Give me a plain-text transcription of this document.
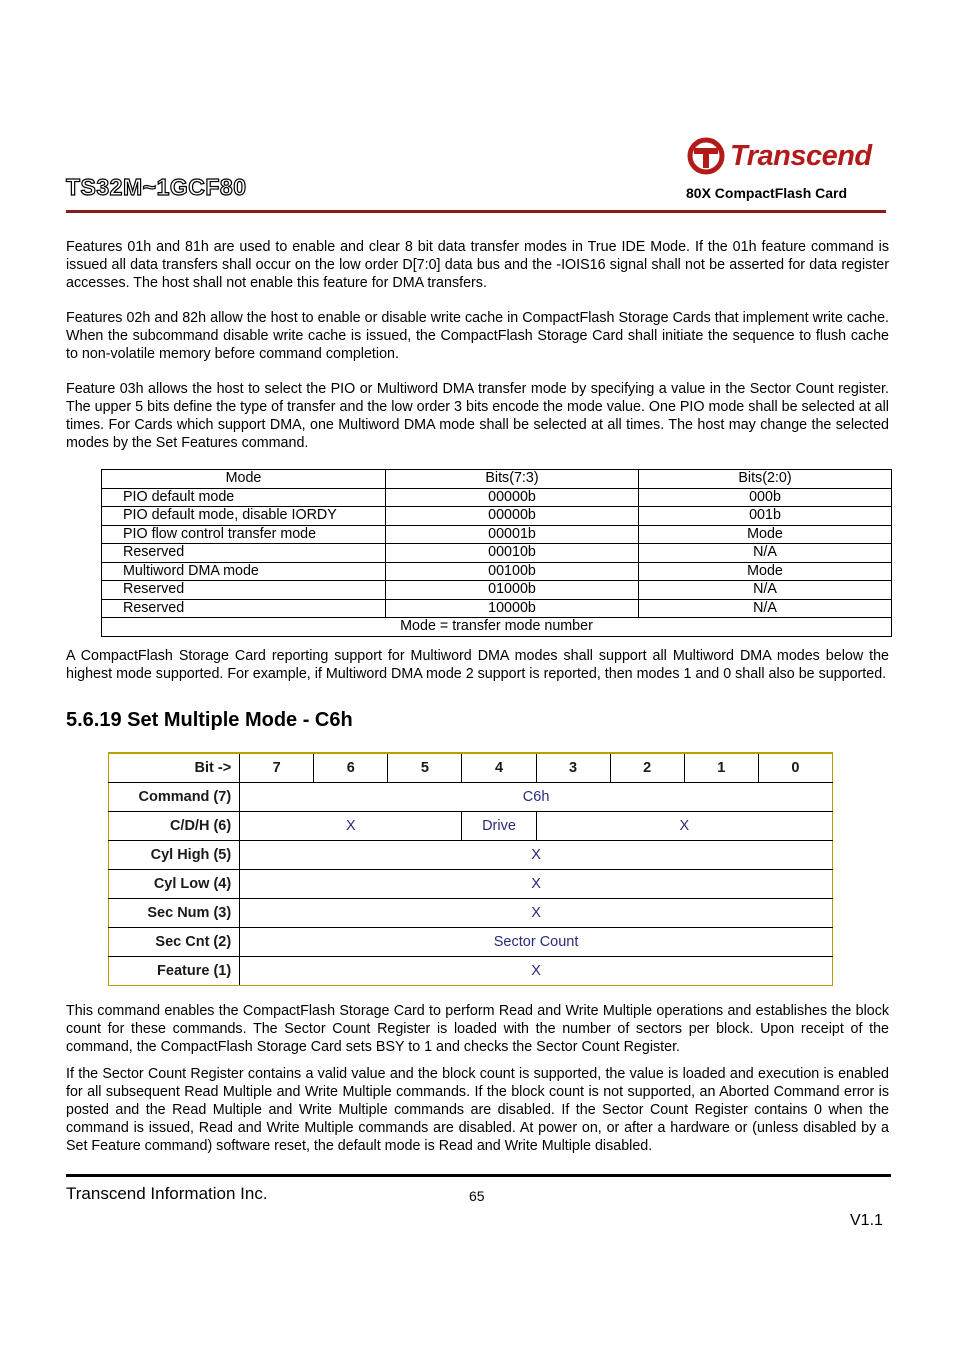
Transcend
TS32M~1GCF80	80X CompactFlash Card

Features 01h and 81h are used to enable and clear 8 bit data transfer modes in True IDE Mode. If the 01h feature command is issued all data transfers shall occur on the low order D[7:0] data bus and the -IOIS16 signal shall not be asserted for data register accesses. The host shall not enable this feature for DMA transfers.

Features 02h and 82h allow the host to enable or disable write cache in CompactFlash Storage Cards that implement write cache. When the subcommand disable write cache is issued, the CompactFlash Storage Card shall initiate the sequence to flush cache to non-volatile memory before command completion.

Feature 03h allows the host to select the PIO or Multiword DMA transfer mode by specifying a value in the Sector Count register. The upper 5 bits define the type of transfer and the low order 3 bits encode the mode value. One PIO mode shall be selected at all times. For Cards which support DMA, one Multiword DMA mode shall be selected at all times. The host may change the selected modes by the Set Features command.

Mode	Bits(7:3)	Bits(2:0)
PIO default mode	00000b	000b
PIO default mode, disable IORDY	00000b	001b
PIO flow control transfer mode	00001b	Mode
Reserved	00010b	N/A
Multiword DMA mode	00100b	Mode
Reserved	01000b	N/A
Reserved	10000b	N/A
Mode = transfer mode number		

A CompactFlash Storage Card reporting support for Multiword DMA modes shall support all Multiword DMA modes below the highest mode supported. For example, if Multiword DMA mode 2 support is reported, then modes 1 and 0 shall also be supported.

5.6.19 Set Multiple Mode - C6h
Bit ->	7	6	5	4	3	2	1	0
Command (7)	C6h							
C/D/H (6)	X			Drive	X			
Cyl High (5)	X							
Cyl Low (4)	X							
Sec Num (3)	X							
Sec Cnt (2)	Sector Count							
Feature (1)	X							

This command enables the CompactFlash Storage Card to perform Read and Write Multiple operations and establishes the block count for these commands. The Sector Count Register is loaded with the number of sectors per block. Upon receipt of the command, the CompactFlash Storage Card sets BSY to 1 and checks the Sector Count Register.

If the Sector Count Register contains a valid value and the block count is supported, the value is loaded and execution is enabled for all subsequent Read Multiple and Write Multiple commands. If the block count is not supported, an Aborted Command error is posted and the Read Multiple and Write Multiple commands are disabled. If the Sector Count Register contains 0 when the command is issued, Read and Write Multiple commands are disabled. At power on, or after a hardware or (unless disabled by a Set Feature command) software reset, the default mode is Read and Write Multiple disabled.

Transcend Information Inc.	65
V1.1
